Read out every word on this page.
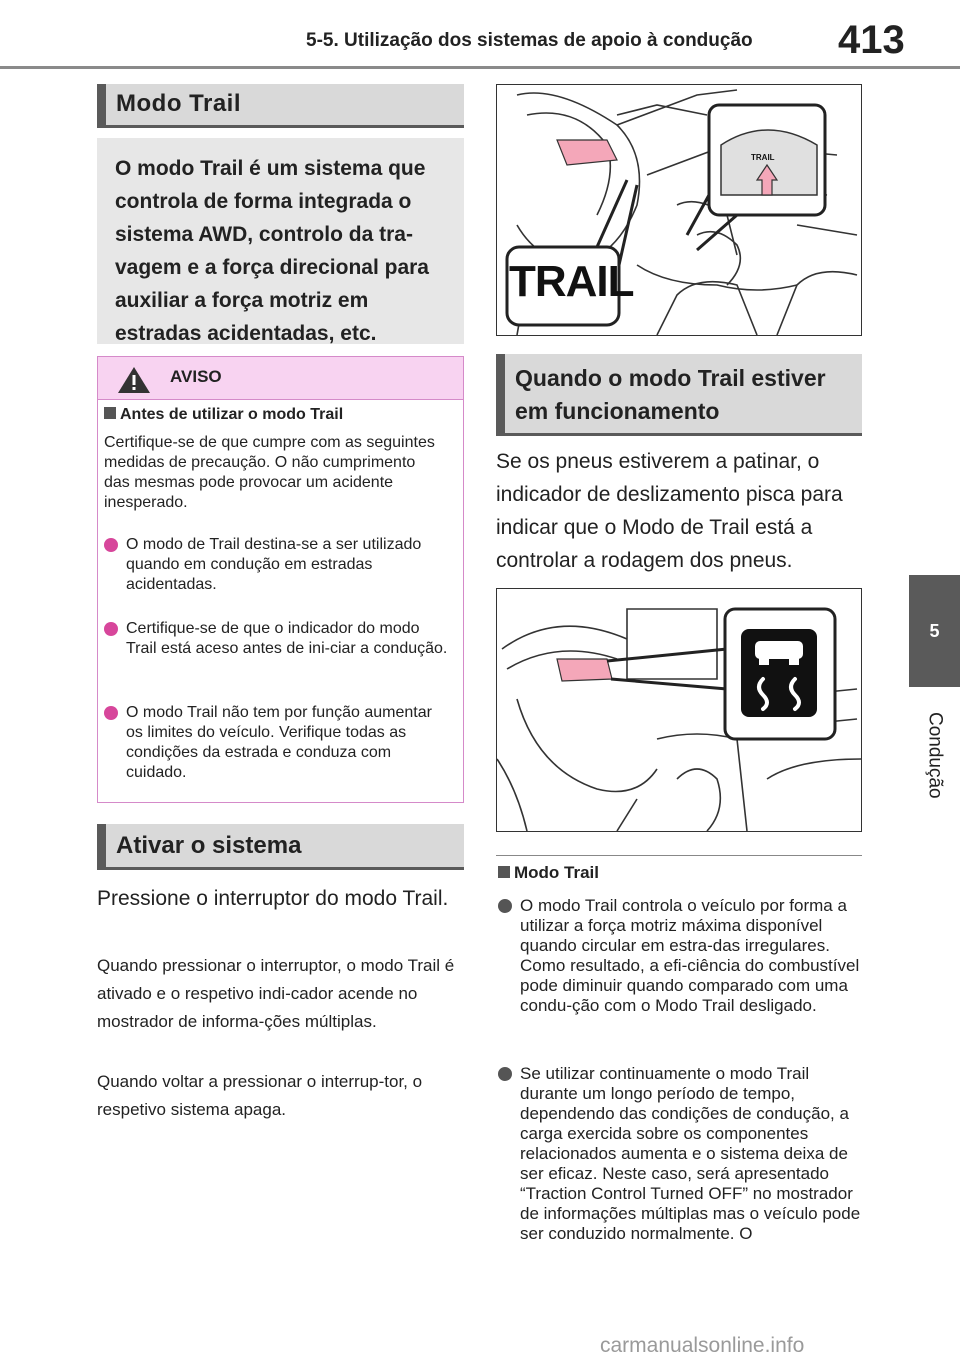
5-5. Utilização dos sistemas de apoio à condução 413
5
Condução
Modo Trail
O modo Trail é um sistema que controla de forma integrada o sistema AWD, controlo da tra-vagem e a força direcional para auxiliar a força motriz em estradas acidentadas, etc.
AVISO
Antes de utilizar o modo Trail
Certifique-se de que cumpre com as seguintes medidas de precaução. O não cumprimento das mesmas pode provocar um acidente inesperado.
O modo de Trail destina-se a ser utilizado quando em condução em estradas acidentadas.
Certifique-se de que o indicador do modo Trail está aceso antes de ini-ciar a condução.
O modo Trail não tem por função aumentar os limites do veículo. Verifique todas as condições da estrada e conduza com cuidado.
Ativar o sistema
Pressione o interruptor do modo Trail.
Quando pressionar o interruptor, o modo Trail é ativado e o respetivo indi-cador acende no mostrador de informa-ções múltiplas.
Quando voltar a pressionar o interrup-tor, o respetivo sistema apaga.
TRAIL
TRAIL
Quando o modo Trail estiver em funcionamento
Se os pneus estiverem a patinar, o indicador de deslizamento pisca para indicar que o Modo de Trail está a controlar a rodagem dos pneus.
Modo Trail
O modo Trail controla o veículo por forma a utilizar a força motriz máxima disponível quando circular em estra-das irregulares. Como resultado, a efi-ciência do combustível pode diminuir quando comparado com uma condu-ção com o Modo Trail desligado.
Se utilizar continuamente o modo Trail durante um longo período de tempo, dependendo das condições de condução, a carga exercida sobre os componentes relacionados aumenta e o sistema deixa de ser eficaz. Neste caso, será apresentado “Traction Control Turned OFF” no mostrador de informações múltiplas mas o veículo pode ser conduzido normalmente. O
carmanualsonline.info
